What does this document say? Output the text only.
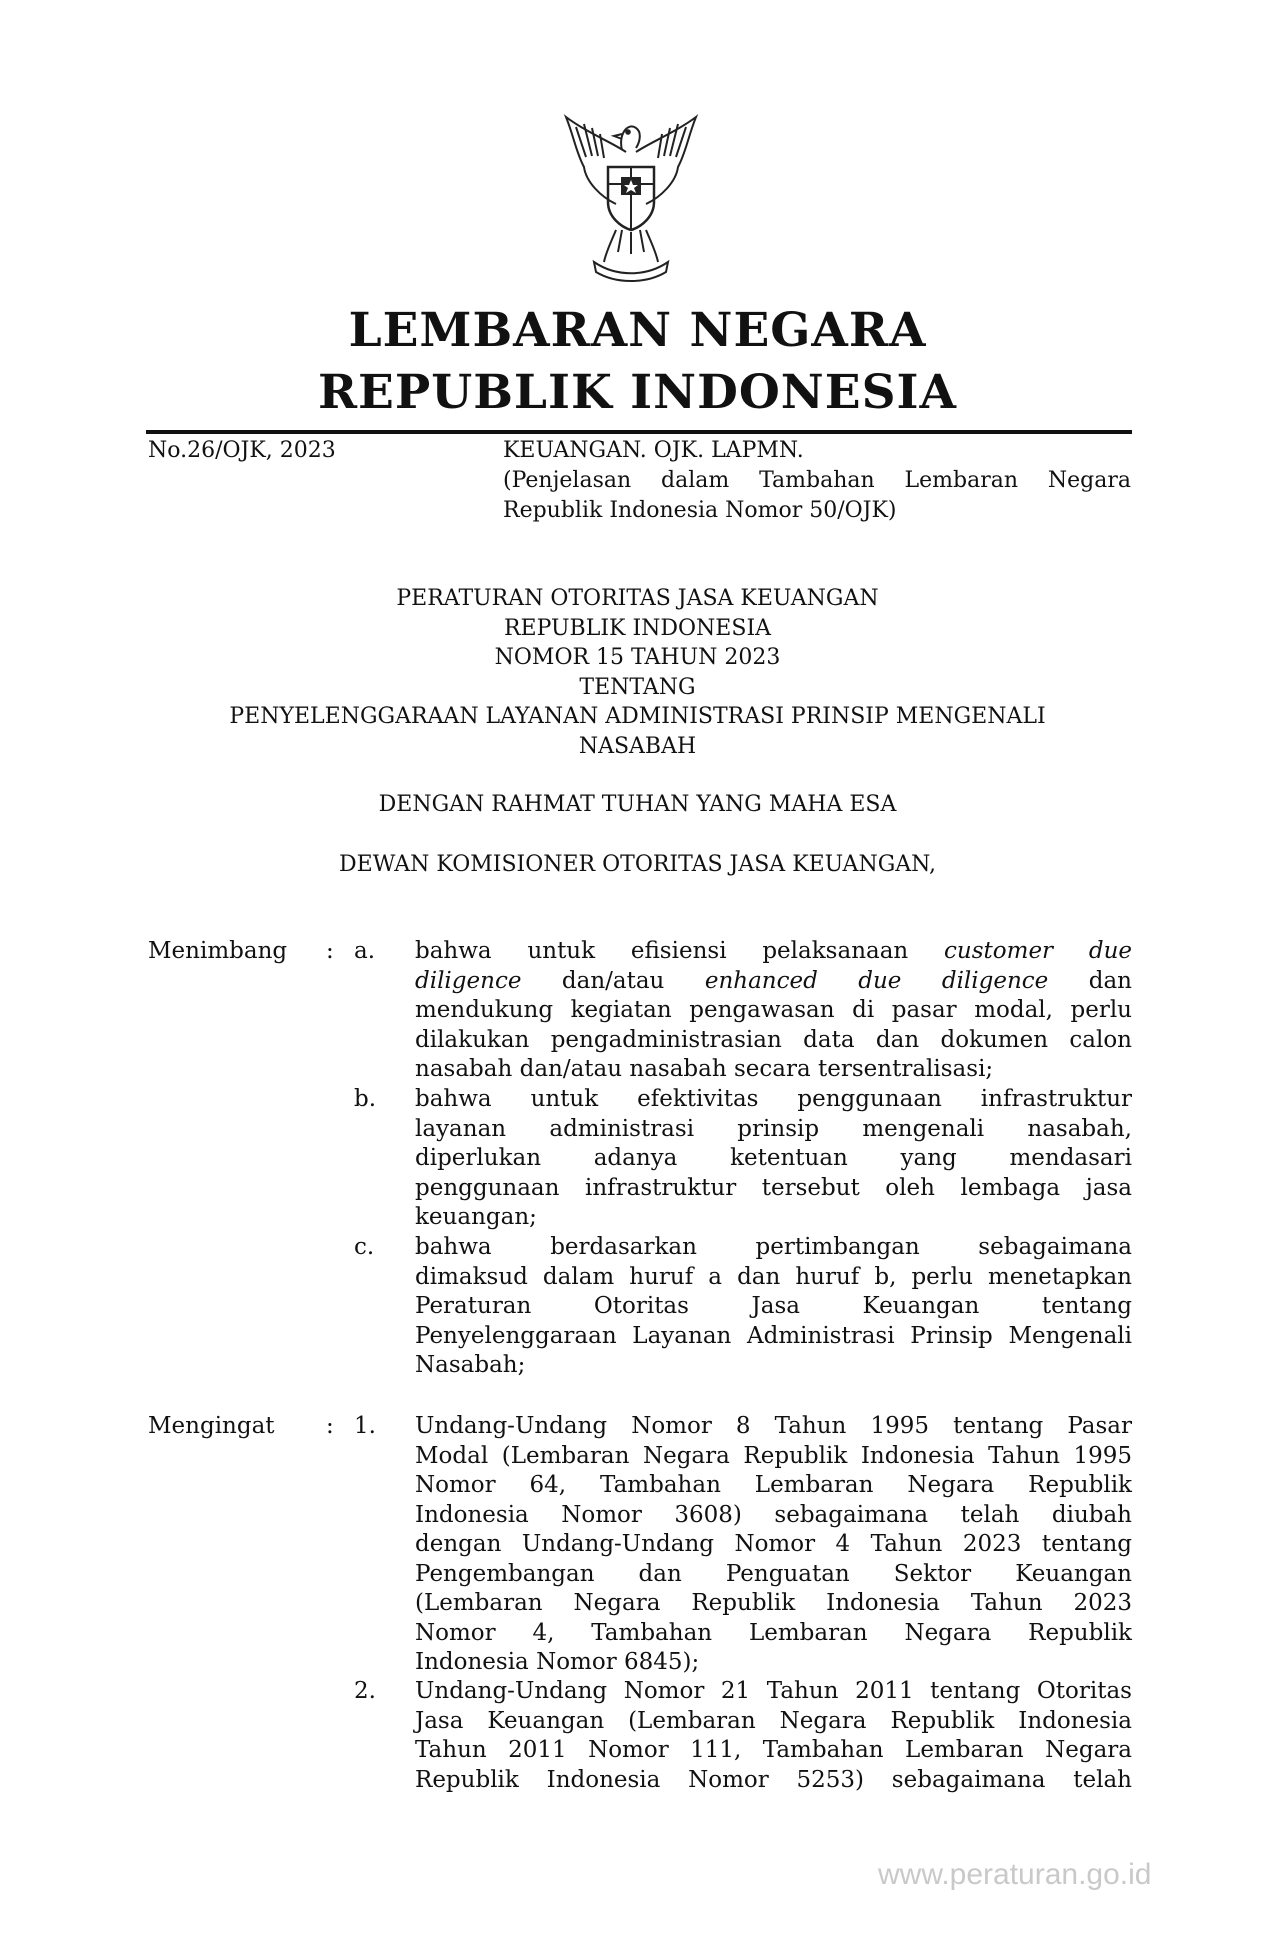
LEMBARAN NEGARA
REPUBLIK INDONESIA
No.26/OJK, 2023	KEUANGAN. OJK. LAPMN.
(Penjelasan dalam Tambahan Lembaran Negara
Republik Indonesia Nomor 50/OJK)
PERATURAN OTORITAS JASA KEUANGAN
REPUBLIK INDONESIA
NOMOR 15 TAHUN 2023
TENTANG
PENYELENGGARAAN LAYANAN ADMINISTRASI PRINSIP MENGENALI
NASABAH
DENGAN RAHMAT TUHAN YANG MAHA ESA
DEWAN KOMISIONER OTORITAS JASA KEUANGAN,
Menimbang : a. bahwa untuk efisiensi pelaksanaan customer due
diligence dan/atau enhanced due diligence dan
mendukung kegiatan pengawasan di pasar modal, perlu
dilakukan pengadministrasian data dan dokumen calon
nasabah dan/atau nasabah secara tersentralisasi;
b. bahwa untuk efektivitas penggunaan infrastruktur
layanan administrasi prinsip mengenali nasabah,
diperlukan adanya ketentuan yang mendasari
penggunaan infrastruktur tersebut oleh lembaga jasa
keuangan;
c. bahwa berdasarkan pertimbangan sebagaimana
dimaksud dalam huruf a dan huruf b, perlu menetapkan
Peraturan Otoritas Jasa Keuangan tentang
Penyelenggaraan Layanan Administrasi Prinsip Mengenali
Nasabah;
Mengingat : 1. Undang-Undang Nomor 8 Tahun 1995 tentang Pasar
Modal (Lembaran Negara Republik Indonesia Tahun 1995
Nomor 64, Tambahan Lembaran Negara Republik
Indonesia Nomor 3608) sebagaimana telah diubah
dengan Undang-Undang Nomor 4 Tahun 2023 tentang
Pengembangan dan Penguatan Sektor Keuangan
(Lembaran Negara Republik Indonesia Tahun 2023
Nomor 4, Tambahan Lembaran Negara Republik
Indonesia Nomor 6845);
2. Undang-Undang Nomor 21 Tahun 2011 tentang Otoritas
Jasa Keuangan (Lembaran Negara Republik Indonesia
Tahun 2011 Nomor 111, Tambahan Lembaran Negara
Republik Indonesia Nomor 5253) sebagaimana telah
www.peraturan.go.id
